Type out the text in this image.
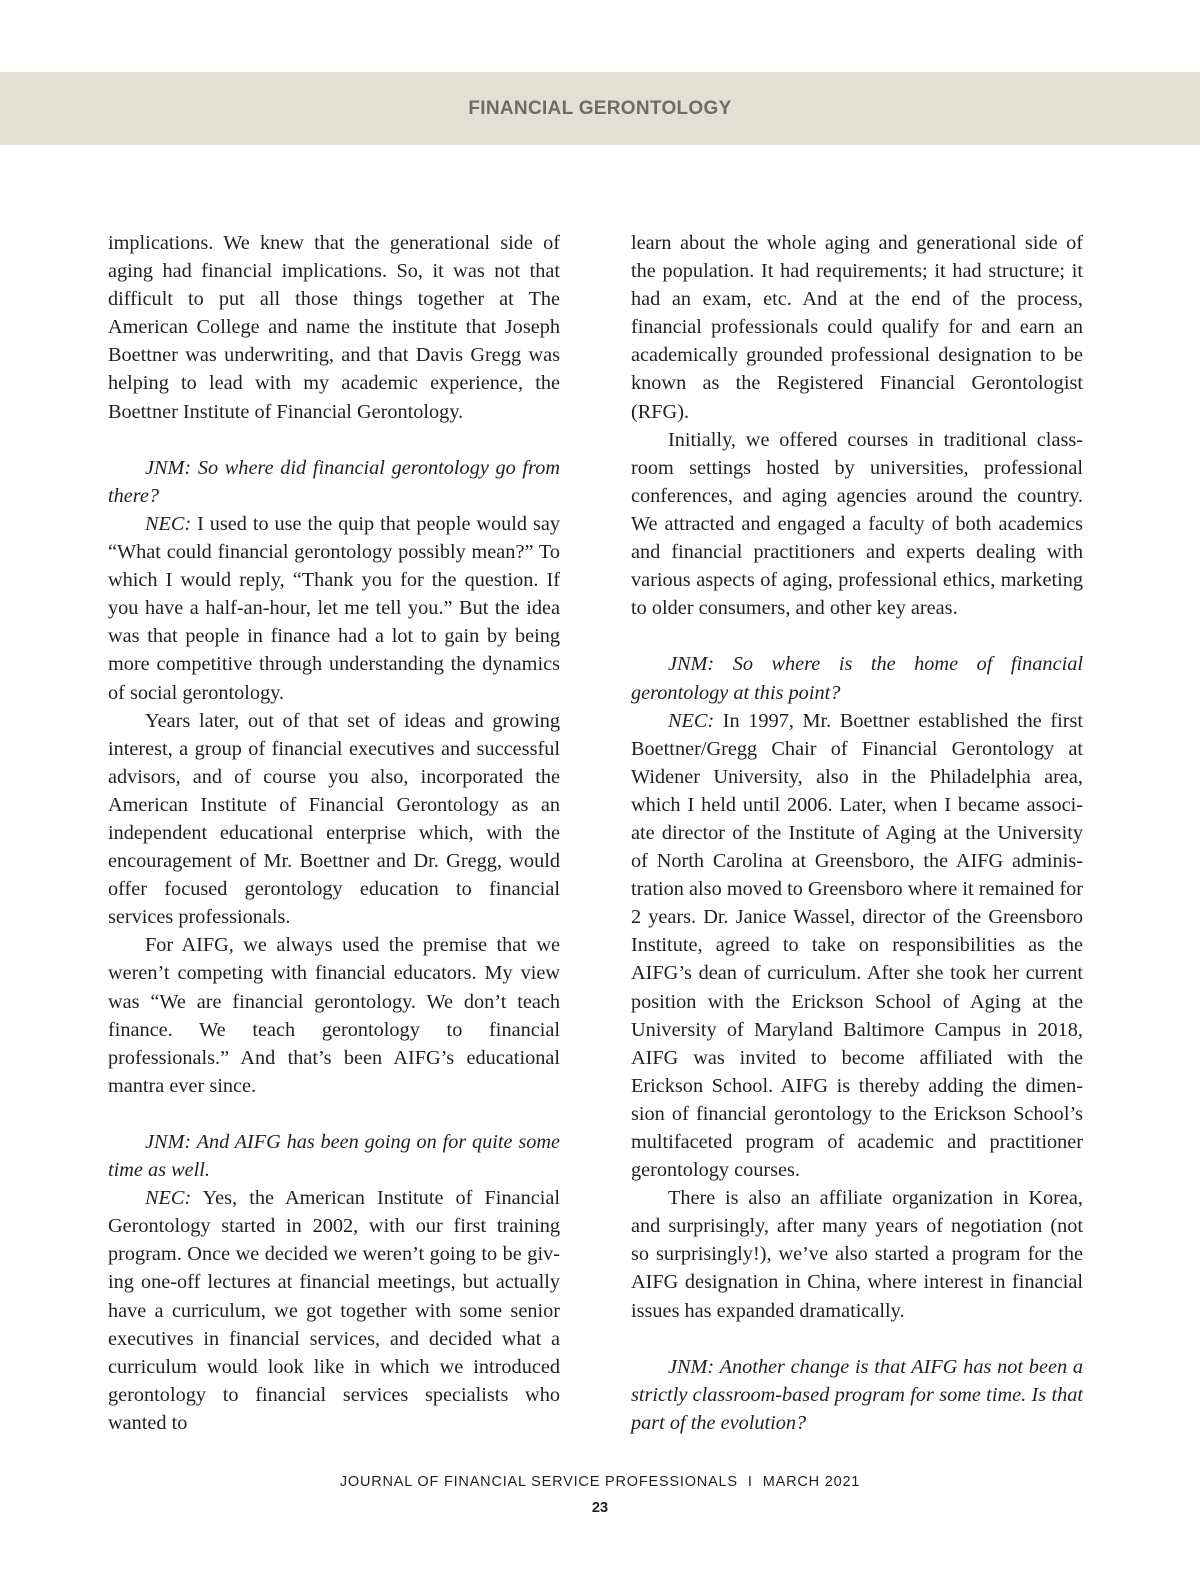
FINANCIAL GERONTOLOGY

implications. We knew that the generational side of aging had financial implications. So, it was not that difficult to put all those things together at The American College and name the institute that Joseph Boettner was underwriting, and that Davis Gregg was helping to lead with my academic experience, the Boettner Institute of Financial Gerontology.

JNM: So where did financial gerontology go from there?

NEC: I used to use the quip that people would say “What could financial gerontology possibly mean?” To which I would reply, “Thank you for the question. If you have a half-an-hour, let me tell you.” But the idea was that people in finance had a lot to gain by being more competitive through understanding the dynamics of social gerontology.

Years later, out of that set of ideas and growing interest, a group of financial executives and successful advisors, and of course you also, incorporated the American Institute of Financial Gerontology as an independent educational enterprise which, with the encouragement of Mr. Boettner and Dr. Gregg, would offer focused gerontology education to financial services professionals.

For AIFG, we always used the premise that we weren’t competing with financial educators. My view was “We are financial gerontology. We don’t teach finance. We teach gerontology to financial professionals.” And that’s been AIFG’s educational mantra ever since.

JNM: And AIFG has been going on for quite some time as well.

NEC: Yes, the American Institute of Financial Gerontology started in 2002, with our first training program. Once we decided we weren’t going to be giving one-off lectures at financial meetings, but actually have a curriculum, we got together with some senior executives in financial services, and decided what a curriculum would look like in which we introduced gerontology to financial services specialists who wanted to

learn about the whole aging and generational side of the population. It had requirements; it had structure; it had an exam, etc. And at the end of the process, financial professionals could qualify for and earn an academically grounded professional designation to be known as the Registered Financial Gerontologist (RFG).

Initially, we offered courses in traditional classroom settings hosted by universities, professional conferences, and aging agencies around the country. We attracted and engaged a faculty of both academics and financial practitioners and experts dealing with various aspects of aging, professional ethics, marketing to older consumers, and other key areas.

JNM: So where is the home of financial gerontology at this point?

NEC: In 1997, Mr. Boettner established the first Boettner/Gregg Chair of Financial Gerontology at Widener University, also in the Philadelphia area, which I held until 2006. Later, when I became associate director of the Institute of Aging at the University of North Carolina at Greensboro, the AIFG administration also moved to Greensboro where it remained for 2 years. Dr. Janice Wassel, director of the Greensboro Institute, agreed to take on responsibilities as the AIFG’s dean of curriculum. After she took her current position with the Erickson School of Aging at the University of Maryland Baltimore Campus in 2018, AIFG was invited to become affiliated with the Erickson School. AIFG is thereby adding the dimension of financial gerontology to the Erickson School’s multifaceted program of academic and practitioner gerontology courses.

There is also an affiliate organization in Korea, and surprisingly, after many years of negotiation (not so surprisingly!), we’ve also started a program for the AIFG designation in China, where interest in financial issues has expanded dramatically.

JNM: Another change is that AIFG has not been a strictly classroom-based program for some time. Is that part of the evolution?

JOURNAL OF FINANCIAL SERVICE PROFESSIONALS I MARCH 2021
23
